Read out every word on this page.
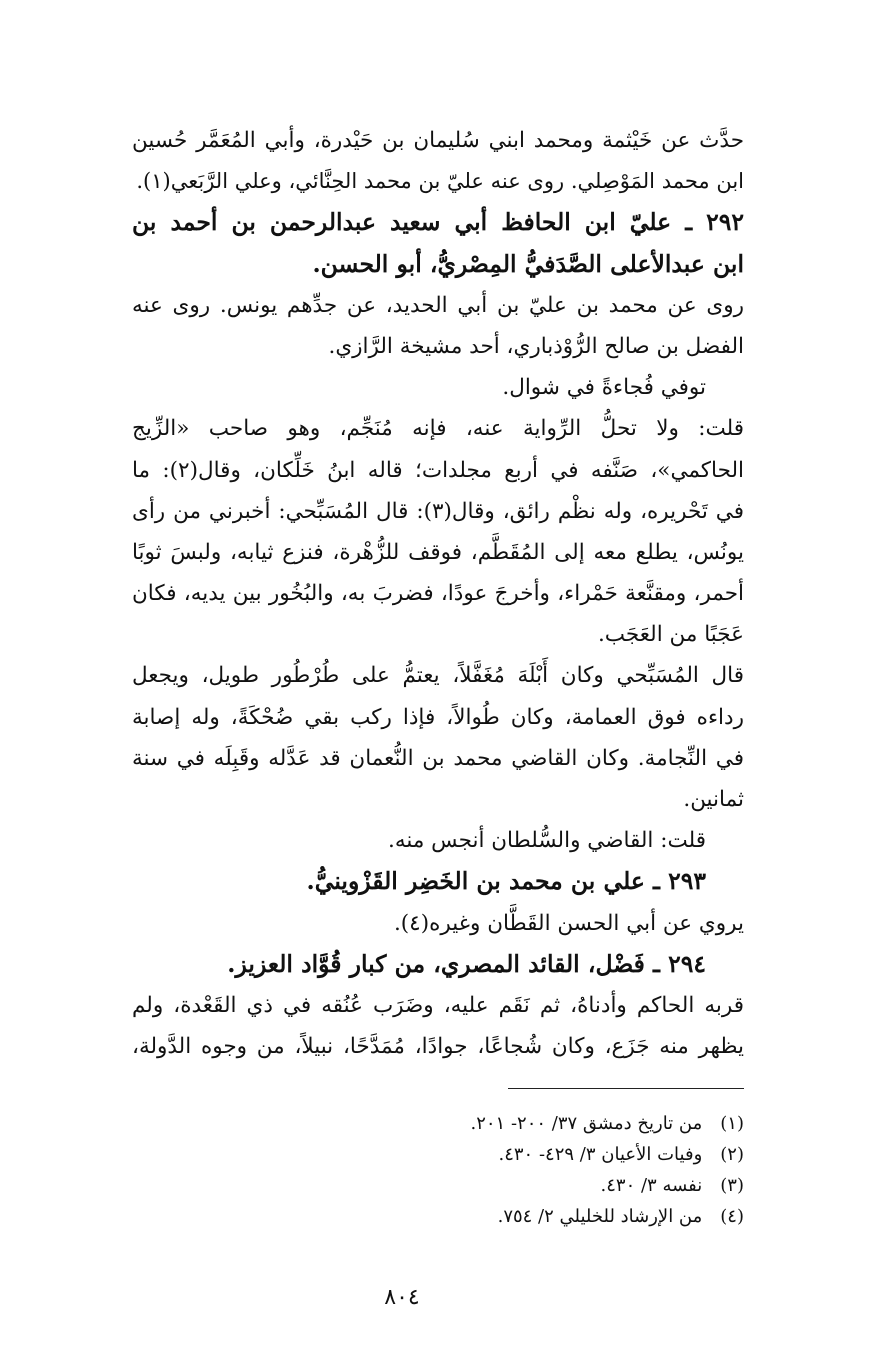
حدَّث عن خَيْثمة ومحمد ابني سُليمان بن حَيْدرة، وأبي المُعَمَّر حُسين
ابن محمد المَوْصِلي. روى عنه عليّ بن محمد الحِنَّائي، وعلي الرَّبَعي(١).
٢٩٢ ـ عليّ ابن الحافظ أبي سعيد عبدالرحمن بن أحمد بن
ابن عبدالأعلى الصَّدَفيُّ المِصْريُّ، أبو الحسن.
روى عن محمد بن عليّ بن أبي الحديد، عن جدِّهم يونس. روى عنه
الفضل بن صالح الرُّوْذباري، أحد مشيخة الرَّازي.
توفي فُجاءةً في شوال.
قلت: ولا تحلُّ الرِّواية عنه، فإنه مُنَجِّم، وهو صاحب «الزِّيج
الحاكمي»، صَنَّفه في أربع مجلدات؛ قاله ابنُ خَلِّكان، وقال(٢): ما
في تَحْريره، وله نظْم رائق، وقال(٣): قال المُسَبِّحي: أخبرني من رأى
يونُس، يطلع معه إلى المُقَطَّم، فوقف للزُّهْرة، فنزع ثيابه، ولبسَ ثوبًا
أحمر، ومقنَّعة حَمْراء، وأخرجَ عودًا، فضربَ به، والبُخُور بين يديه، فكان
عَجَبًا من العَجَب.
قال المُسَبِّحي وكان أَبْلَهَ مُغَفَّلاً، يعتمُّ على طُرْطُور طويل، ويجعل
رداءه فوق العمامة، وكان طُوالاً، فإذا ركب بقي ضُحْكَةً، وله إصابة
في النِّجامة. وكان القاضي محمد بن النُّعمان قد عَدَّله وقَبِلَه في سنة
ثمانين.
قلت: القاضي والسُّلطان أنجس منه.
٢٩٣ ـ علي بن محمد بن الخَضِر القَزْوينيُّ.
يروي عن أبي الحسن القَطَّان وغيره(٤).
٢٩٤ ـ فَضْل، القائد المصري، من كبار قُوَّاد العزيز.
قربه الحاكم وأدناهُ، ثم نَقَم عليه، وضَرَب عُنُقه في ذي القَعْدة، ولم
يظهر منه جَزَع، وكان شُجاعًا، جوادًا، مُمَدَّحًا، نبيلاً، من وجوه الدَّولة،
(١) من تاريخ دمشق ٣٧/ ٢٠٠- ٢٠١.
(٢) وفيات الأعيان ٣/ ٤٢٩- ٤٣٠.
(٣) نفسه ٣/ ٤٣٠.
(٤) من الإرشاد للخليلي ٢/ ٧٥٤.
٨٠٤
